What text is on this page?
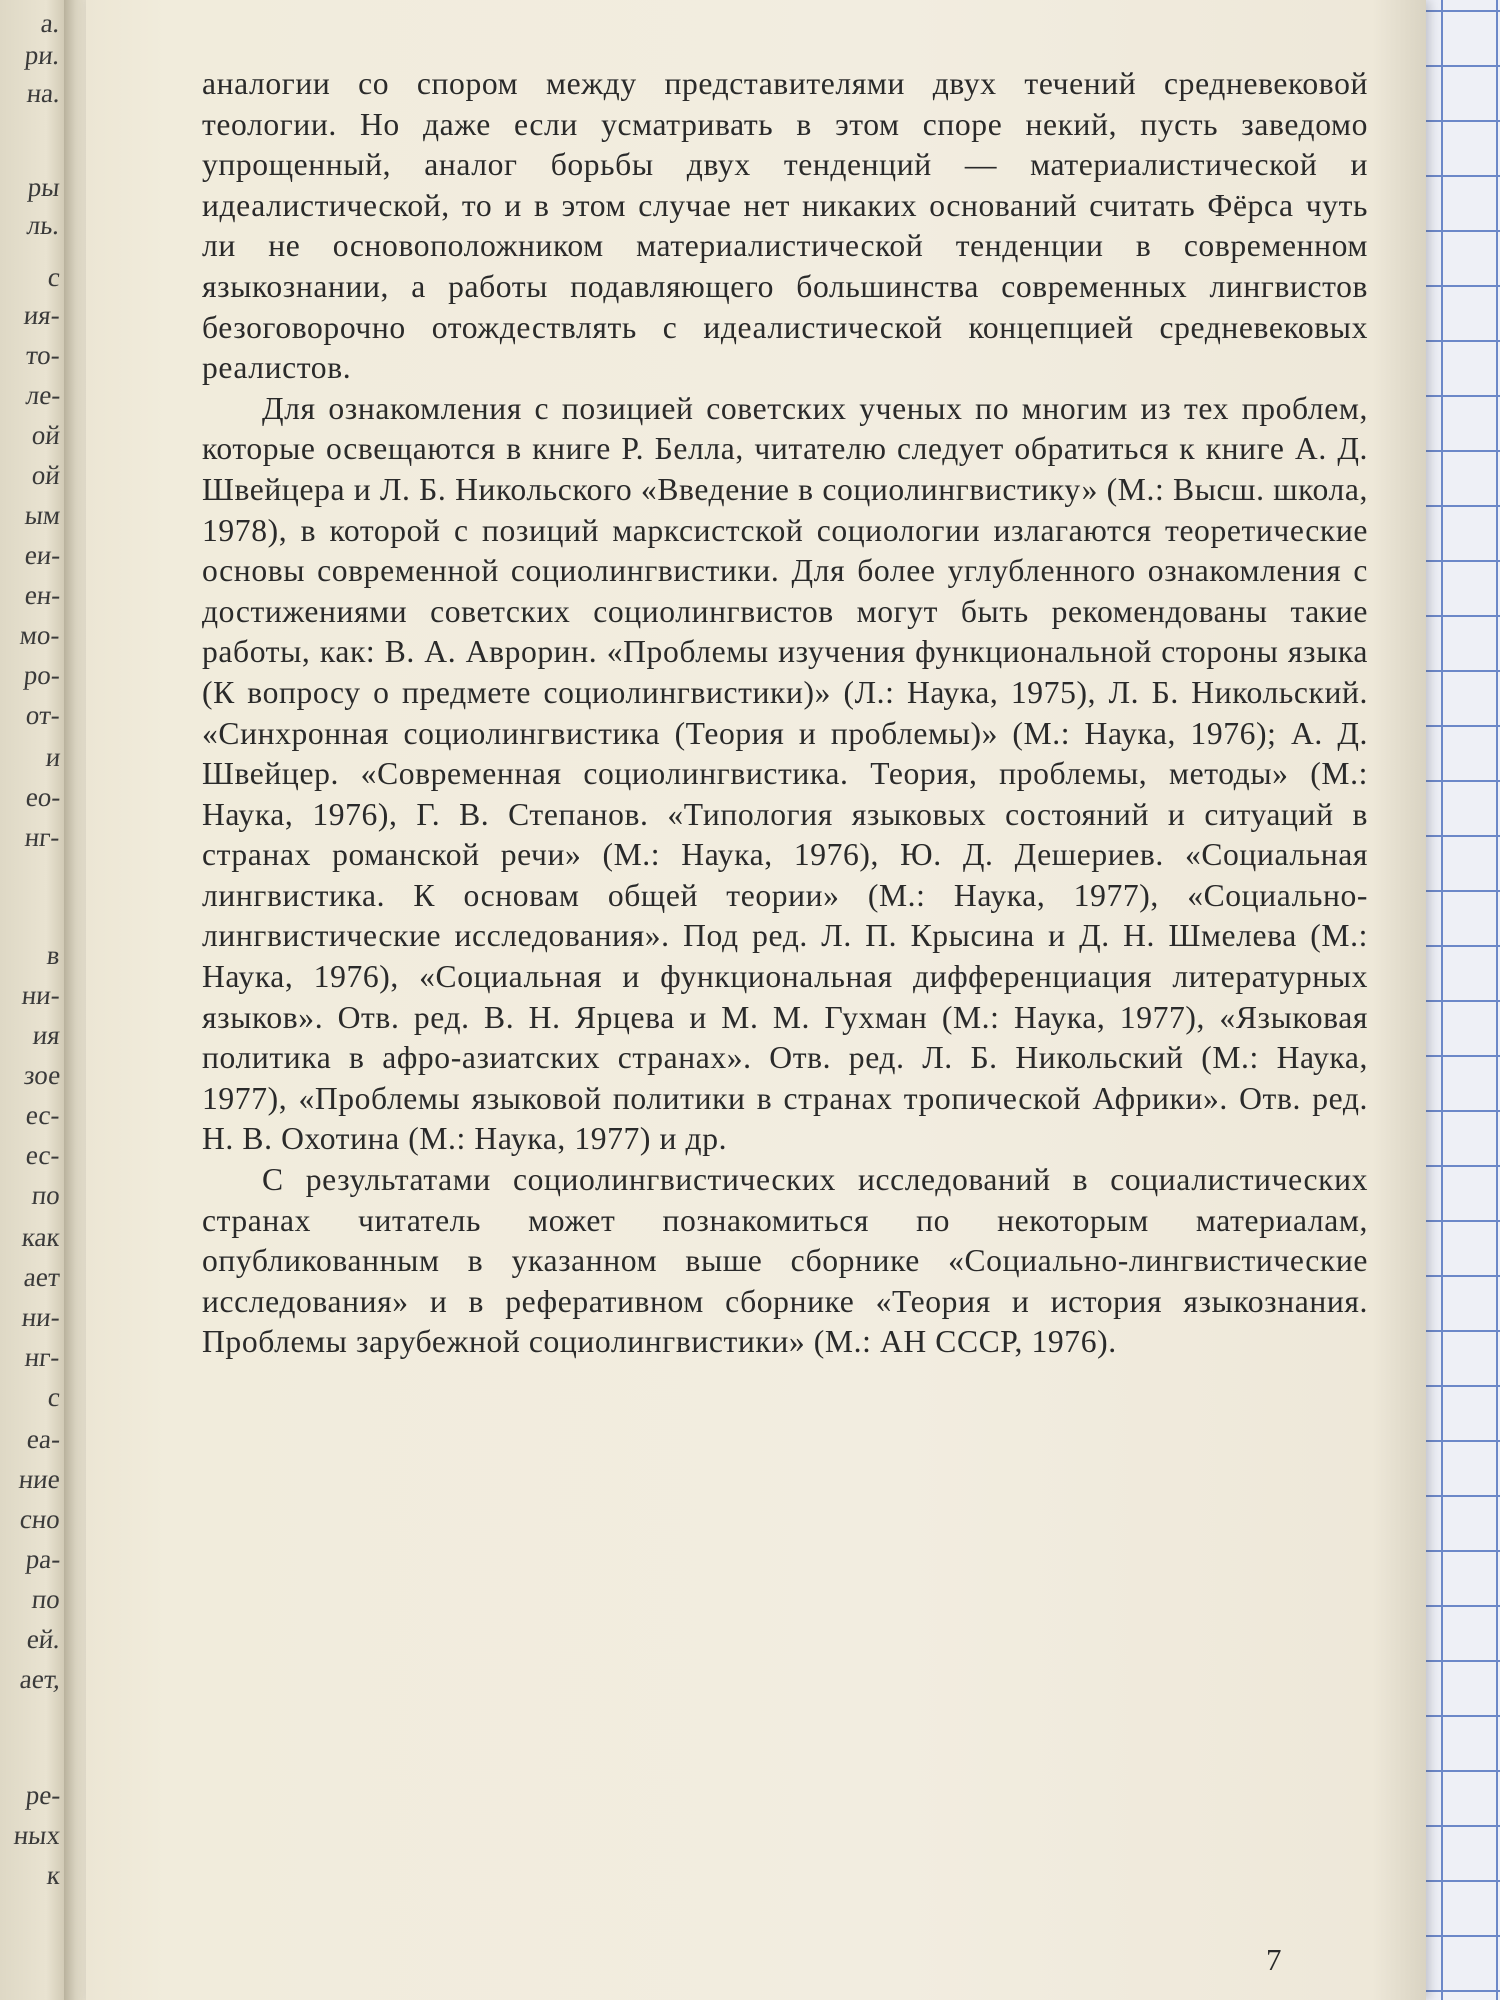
а.
ри.
на.
ры
ль.
с
ия-
то-
ле-
ой
ой
ым
еи-
ен-
мо-
ро-
от-
и
ео-
нг-
в
ни-
ия
зое
ес-
ес-
по
как
ает
ни-
нг-
с
еа-
ние
сно
ра-
по
ей.
ает,
ре-
ных
к

аналогии со спором между представителями двух течений средневековой теологии. Но даже если усматривать в этом споре некий, пусть заведомо упрощенный, аналог борьбы двух тенденций — материалистической и идеалистической, то и в этом случае нет никаких оснований считать Фёрса чуть ли не основоположником материалистической тенденции в современном языкознании, а работы подавляющего большинства современных лингвистов безоговорочно отождествлять с идеалистической концепцией средневековых реалистов.

Для ознакомления с позицией советских ученых по многим из тех проблем, которые освещаются в книге Р. Белла, читателю следует обратиться к книге А. Д. Швейцера и Л. Б. Никольского «Введение в социолингвистику» (М.: Высш. школа, 1978), в которой с позиций марксистской социологии излагаются теоретические основы современной социолингвистики. Для более углубленного ознакомления с достижениями советских социолингвистов могут быть рекомендованы такие работы, как: В. А. Аврорин. «Проблемы изучения функциональной стороны языка (К вопросу о предмете социолингвистики)» (Л.: Наука, 1975), Л. Б. Никольский. «Синхронная социолингвистика (Теория и проблемы)» (М.: Наука, 1976); А. Д. Швейцер. «Современная социолингвистика. Теория, проблемы, методы» (М.: Наука, 1976), Г. В. Степанов. «Типология языковых состояний и ситуаций в странах романской речи» (М.: Наука, 1976), Ю. Д. Дешериев. «Социальная лингвистика. К основам общей теории» (М.: Наука, 1977), «Социально-лингвистические исследования». Под ред. Л. П. Крысина и Д. Н. Шмелева (М.: Наука, 1976), «Социальная и функциональная дифференциация литературных языков». Отв. ред. В. Н. Ярцева и М. М. Гухман (М.: Наука, 1977), «Языковая политика в афро-азиатских странах». Отв. ред. Л. Б. Никольский (М.: Наука, 1977), «Проблемы языковой политики в странах тропической Африки». Отв. ред. Н. В. Охотина (М.: Наука, 1977) и др.

С результатами социолингвистических исследований в социалистических странах читатель может познакомиться по некоторым материалам, опубликованным в указанном выше сборнике «Социально-лингвистические исследования» и в реферативном сборнике «Теория и история языкознания. Проблемы зарубежной социолингвистики» (М.: АН СССР, 1976).

7
